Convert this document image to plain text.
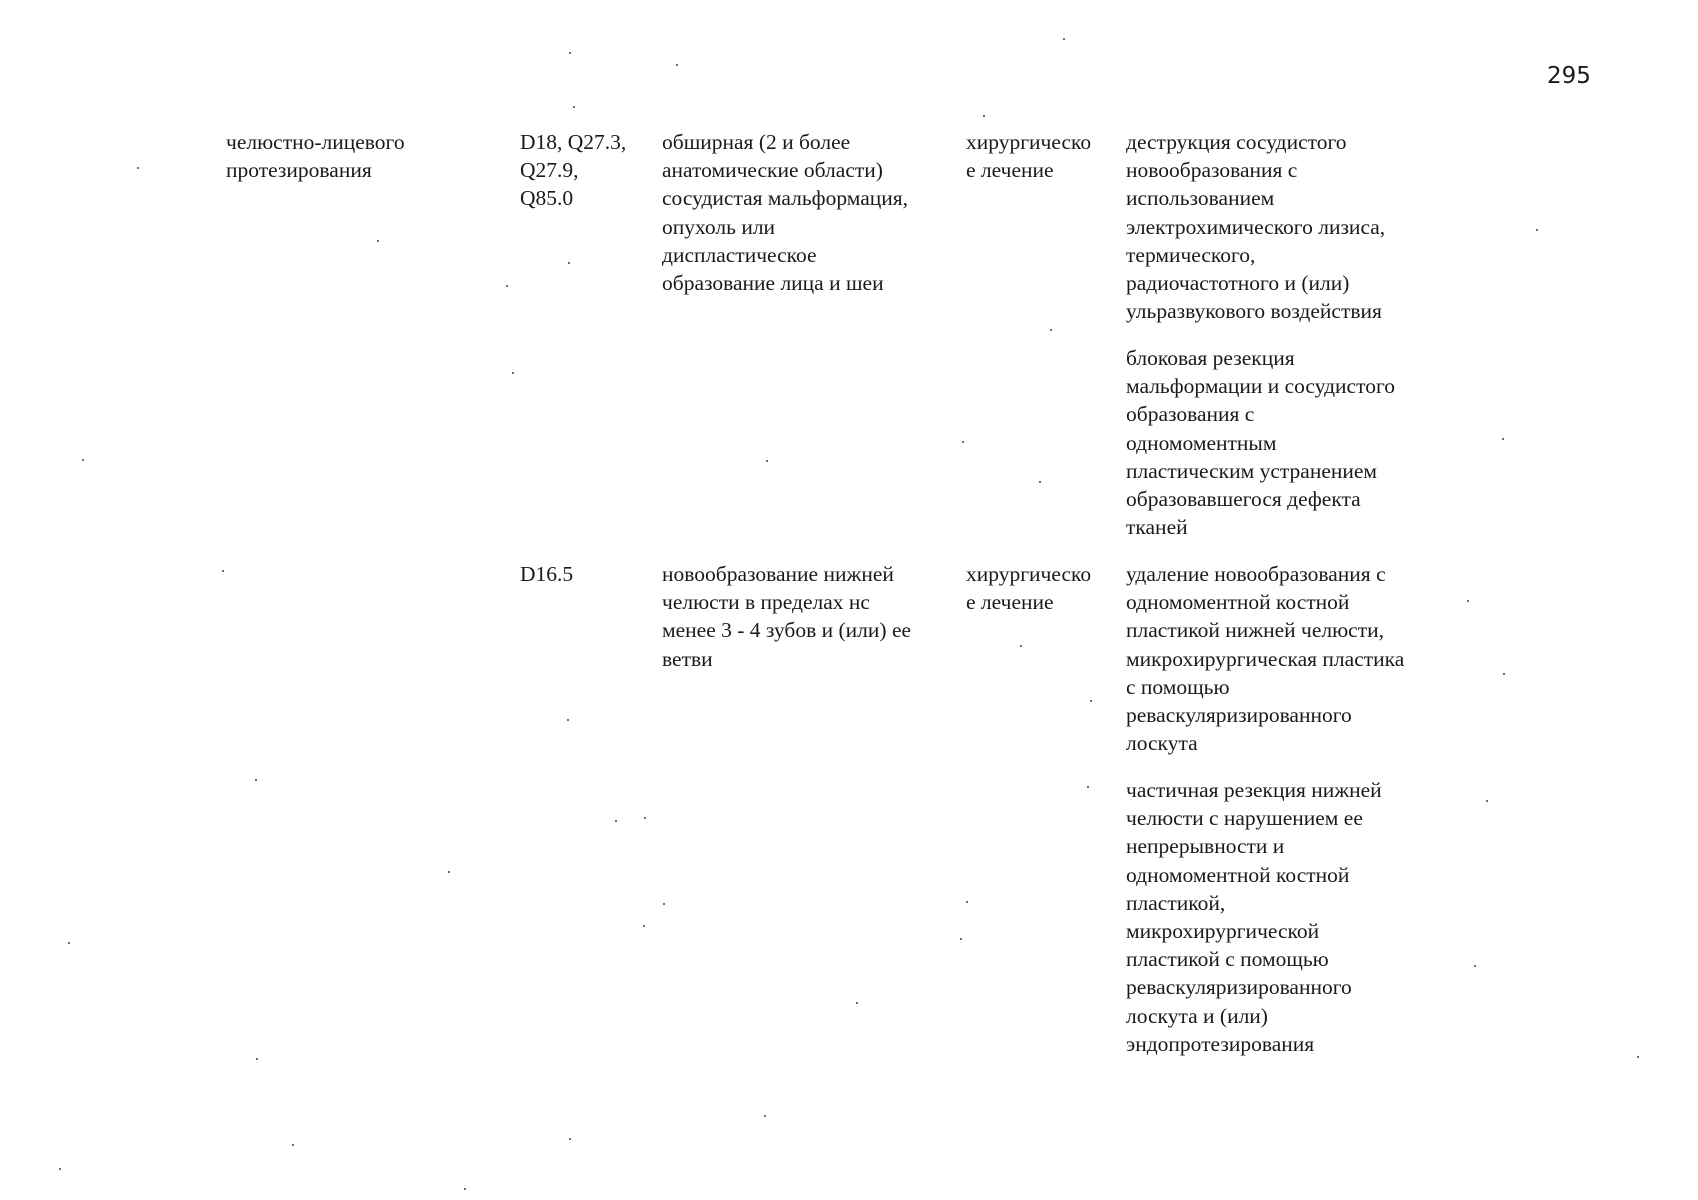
295
челюстно-лицевого
протезирования
D18, Q27.3,
Q27.9,
Q85.0
обширная (2 и более
анатомические области)
сосудистая мальформация,
опухоль или
диспластическое
образование лица и шеи
хирургическо
е лечение
деструкция сосудистого
новообразования с
использованием
электрохимического лизиса,
термического,
радиочастотного и (или)
ульразвукового воздействия
блоковая резекция
мальформации и сосудистого
образования с
одномоментным
пластическим устранением
образовавшегося дефекта
тканей
D16.5	новообразование нижней
челюсти в пределах нс
менее 3 - 4 зубов и (или) ее
ветви
хирургическо
е лечение
удаление новообразования с
одномоментной костной
пластикой нижней челюсти,
микрохирургическая пластика
с помощью
реваскуляризированного
лоскута
частичная резекция нижней
челюсти с нарушением ее
непрерывности и
одномоментной костной
пластикой,
микрохирургической
пластикой с помощью
реваскуляризированного
лоскута и (или)
эндопротезирования
